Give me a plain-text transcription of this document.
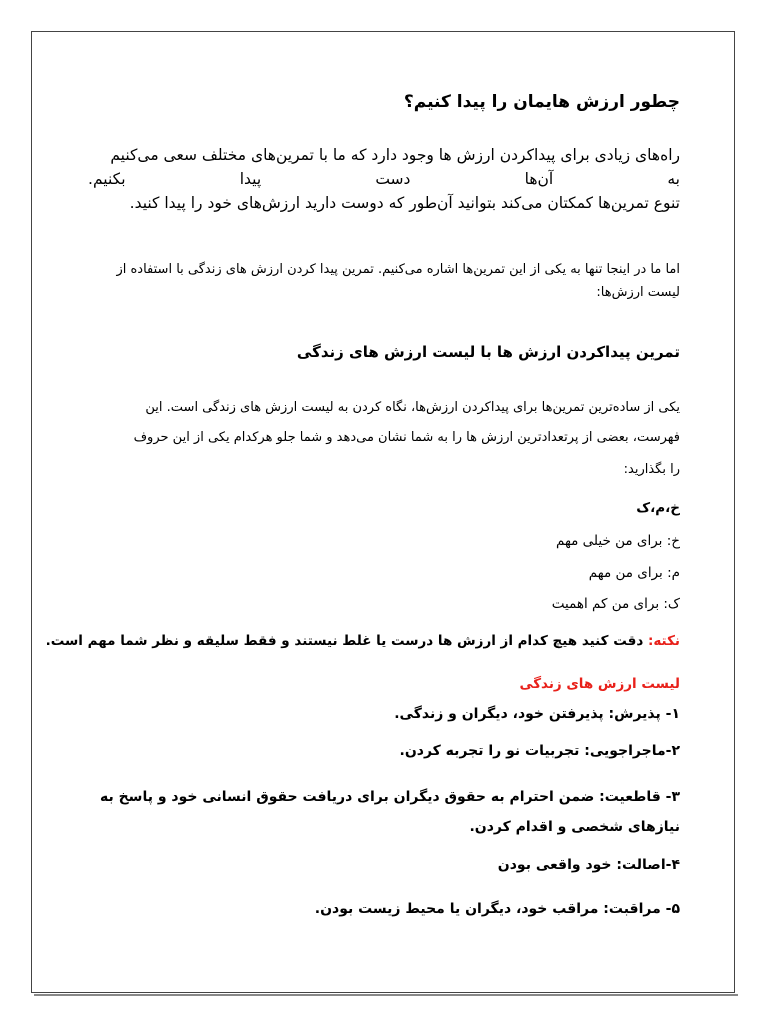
چطور ارزش هایمان را پیدا کنیم؟
راه‌های زیادی برای پیداکردن ارزش ها وجود دارد که ما با تمرین‌های مختلف سعی می‌کنیم
به
آن‌ها
دست
پیدا
بکنیم.
تنوع تمرین‌ها کمکتان می‌کند بتوانید آن‌طور که دوست دارید ارزش‌های خود را پیدا کنید.
اما ما در اینجا تنها به یکی از این تمرین‌ها اشاره می‌کنیم. تمرین پیدا کردن ارزش های زندگی با استفاده از
لیست ارزش‌ها:
تمرین پیداکردن ارزش ها با لیست ارزش های زندگی
یکی از ساده‌ترین تمرین‌ها برای پیداکردن ارزش‌ها، نگاه کردن به لیست ارزش های زندگی است. این
فهرست، بعضی از پرتعدادترین ارزش ها را به شما نشان می‌دهد و شما جلو هرکدام یکی از این حروف
را بگذارید:
خ،م،ک
خ: برای من خیلی مهم
م: برای من مهم
ک: برای من کم اهمیت
نکته: دقت کنید هیچ کدام از ارزش ها درست یا غلط نیستند و فقط سلیقه و نظر شما مهم است.
لیست ارزش های زندگی
۱- پذیرش: پذیرفتن خود، دیگران و زندگی.
۲-ماجراجویی: تجربیات نو را تجربه کردن.
۳- قاطعیت: ضمن احترام به حقوق دیگران برای دریافت حقوق انسانی خود و پاسخ به
نیازهای شخصی و اقدام کردن.
۴-اصالت: خود واقعی بودن
۵- مراقبت: مراقب خود، دیگران یا محیط زیست بودن.
